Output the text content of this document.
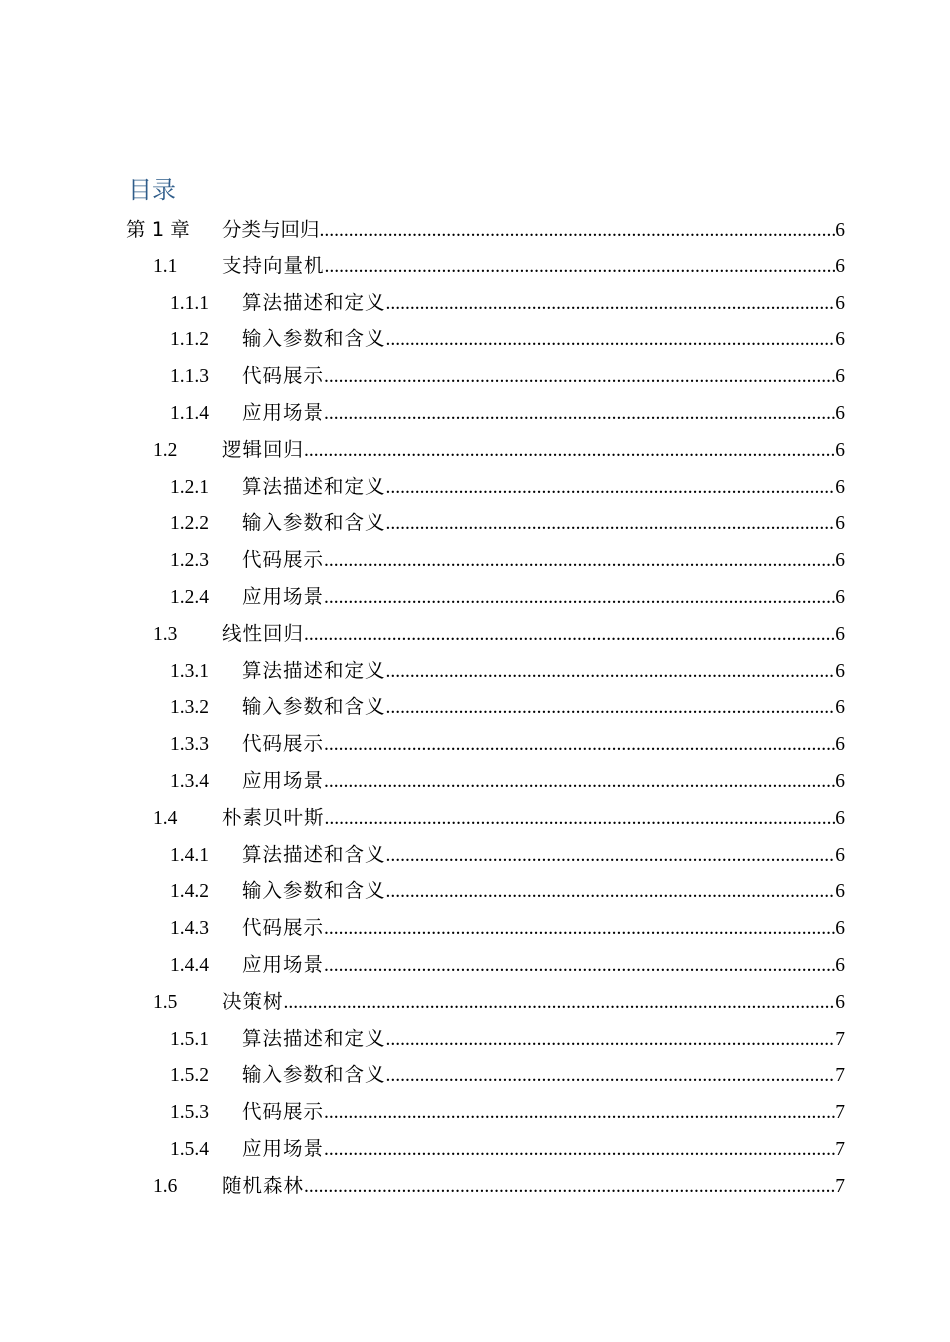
目录
第 1 章 分类与回归 .....	6
1.1 支持向量机 .....	6
1.1.1 算法描述和定义 .....	6
1.1.2 输入参数和含义 .....	6
1.1.3 代码展示 .....	6
1.1.4 应用场景 .....	6
1.2 逻辑回归 .....	6
1.2.1 算法描述和定义 .....	6
1.2.2 输入参数和含义 .....	6
1.2.3 代码展示 .....	6
1.2.4 应用场景 .....	6
1.3 线性回归 .....	6
1.3.1 算法描述和定义 .....	6
1.3.2 输入参数和含义 .....	6
1.3.3 代码展示 .....	6
1.3.4 应用场景 .....	6
1.4 朴素贝叶斯 .....	6
1.4.1 算法描述和含义 .....	6
1.4.2 输入参数和含义 .....	6
1.4.3 代码展示 .....	6
1.4.4 应用场景 .....	6
1.5 决策树 .....	6
1.5.1 算法描述和定义 .....	7
1.5.2 输入参数和含义 .....	7
1.5.3 代码展示 .....	7
1.5.4 应用场景 .....	7
1.6 随机森林 .....	7
